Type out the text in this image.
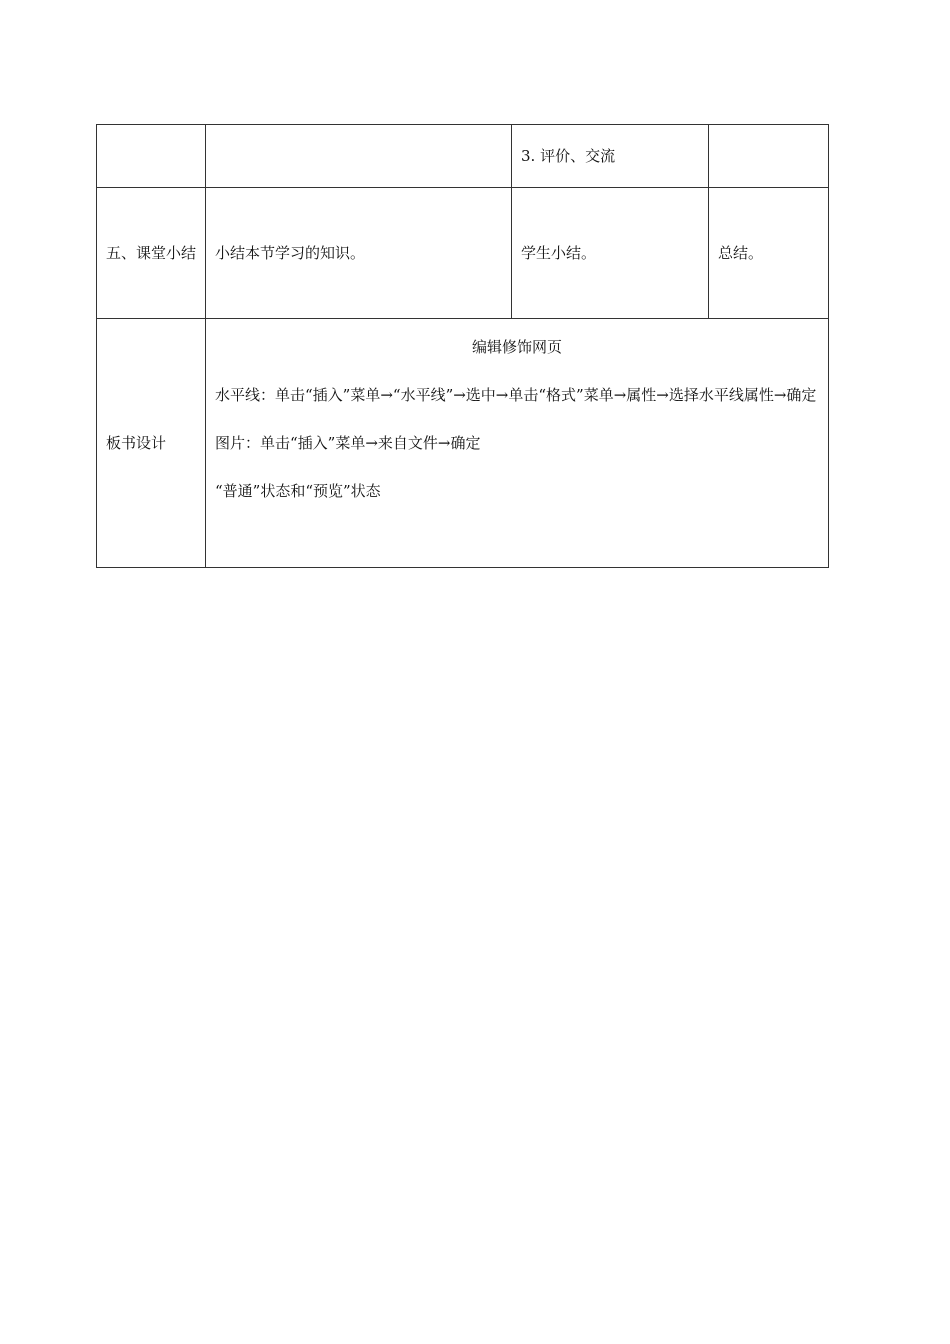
		3. 评价、交流	
五、课堂小结	小结本节学习的知识。	学生小结。	总结。
板书设计	编辑修饰网页
水平线：单击“插入”菜单→“水平线”→选中→单击“格式”菜单→属性→选择水平线属性→确定
图片：单击“插入”菜单→来自文件→确定
“普通”状态和“预览”状态		
